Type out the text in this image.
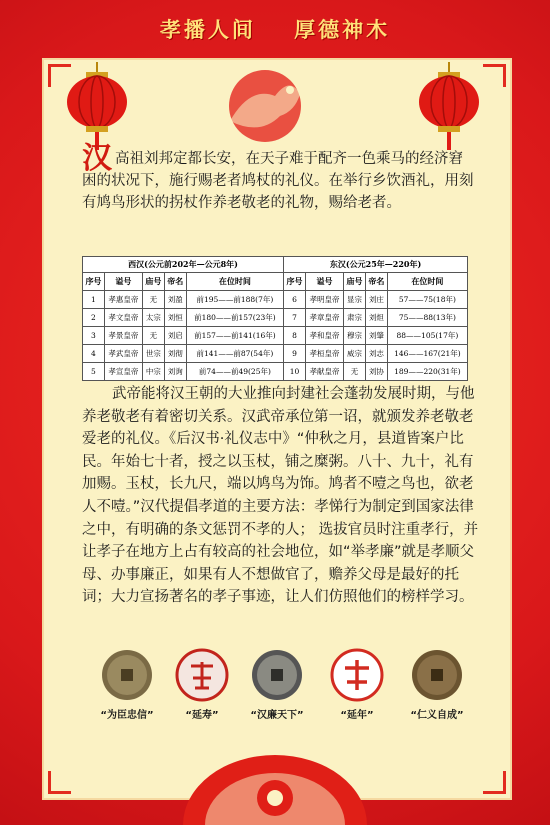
孝播人间 厚德神木
汉高祖刘邦定都长安，在天子难于配齐一色乘马的经济窘困的状况下，施行赐老者鸠杖的礼仪。在举行乡饮酒礼，用刻有鸠鸟形状的拐杖作养老敬老的礼物，赐给老者。
西汉(公元前202年—公元8年)					东汉(公元25年—220年)				
序号	谥号	庙号	帝名	在位时间	序号	谥号	庙号	帝名	在位时间
1	孝惠皇帝	无	刘盈	前195——前188(7年)	6	孝明皇帝	显宗	刘庄	57——75(18年)
2	孝文皇帝	太宗	刘恒	前180——前157(23年)	7	孝章皇帝	肃宗	刘炟	75——88(13年)
3	孝景皇帝	无	刘启	前157——前141(16年)	8	孝和皇帝	穆宗	刘肇	88——105(17年)
4	孝武皇帝	世宗	刘彻	前141——前87(54年)	9	孝桓皇帝	威宗	刘志	146——167(21年)
5	孝宣皇帝	中宗	刘询	前74——前49(25年)	10	孝献皇帝	无	刘协	189——220(31年)
武帝能将汉王朝的大业推向封建社会蓬勃发展时期，与他养老敬老有着密切关系。汉武帝承位第一诏，就颁发养老敬老爱老的礼仪。《后汉书·礼仪志中》“仲秋之月，县道皆案户比民。年始七十者，授之以玉杖，铺之糜粥。八十、九十，礼有加赐。玉杖，长九尺，端以鸠鸟为饰。鸠者不噎之鸟也，欲老人不噎。”汉代提倡孝道的主要方法：孝悌行为制定到国家法律之中，有明确的条文惩罚不孝的人； 选拔官员时注重孝行，并让孝子在地方上占有较高的社会地位，如“举孝廉”就是孝顺父母、办事廉正，如果有人不想做官了，赡养父母是最好的托词；大力宣扬著名的孝子事迹，让人们仿照他们的榜样学习。
“为臣忠信”	“延寿”	“汉廉天下”	“延年”	“仁义自成”
